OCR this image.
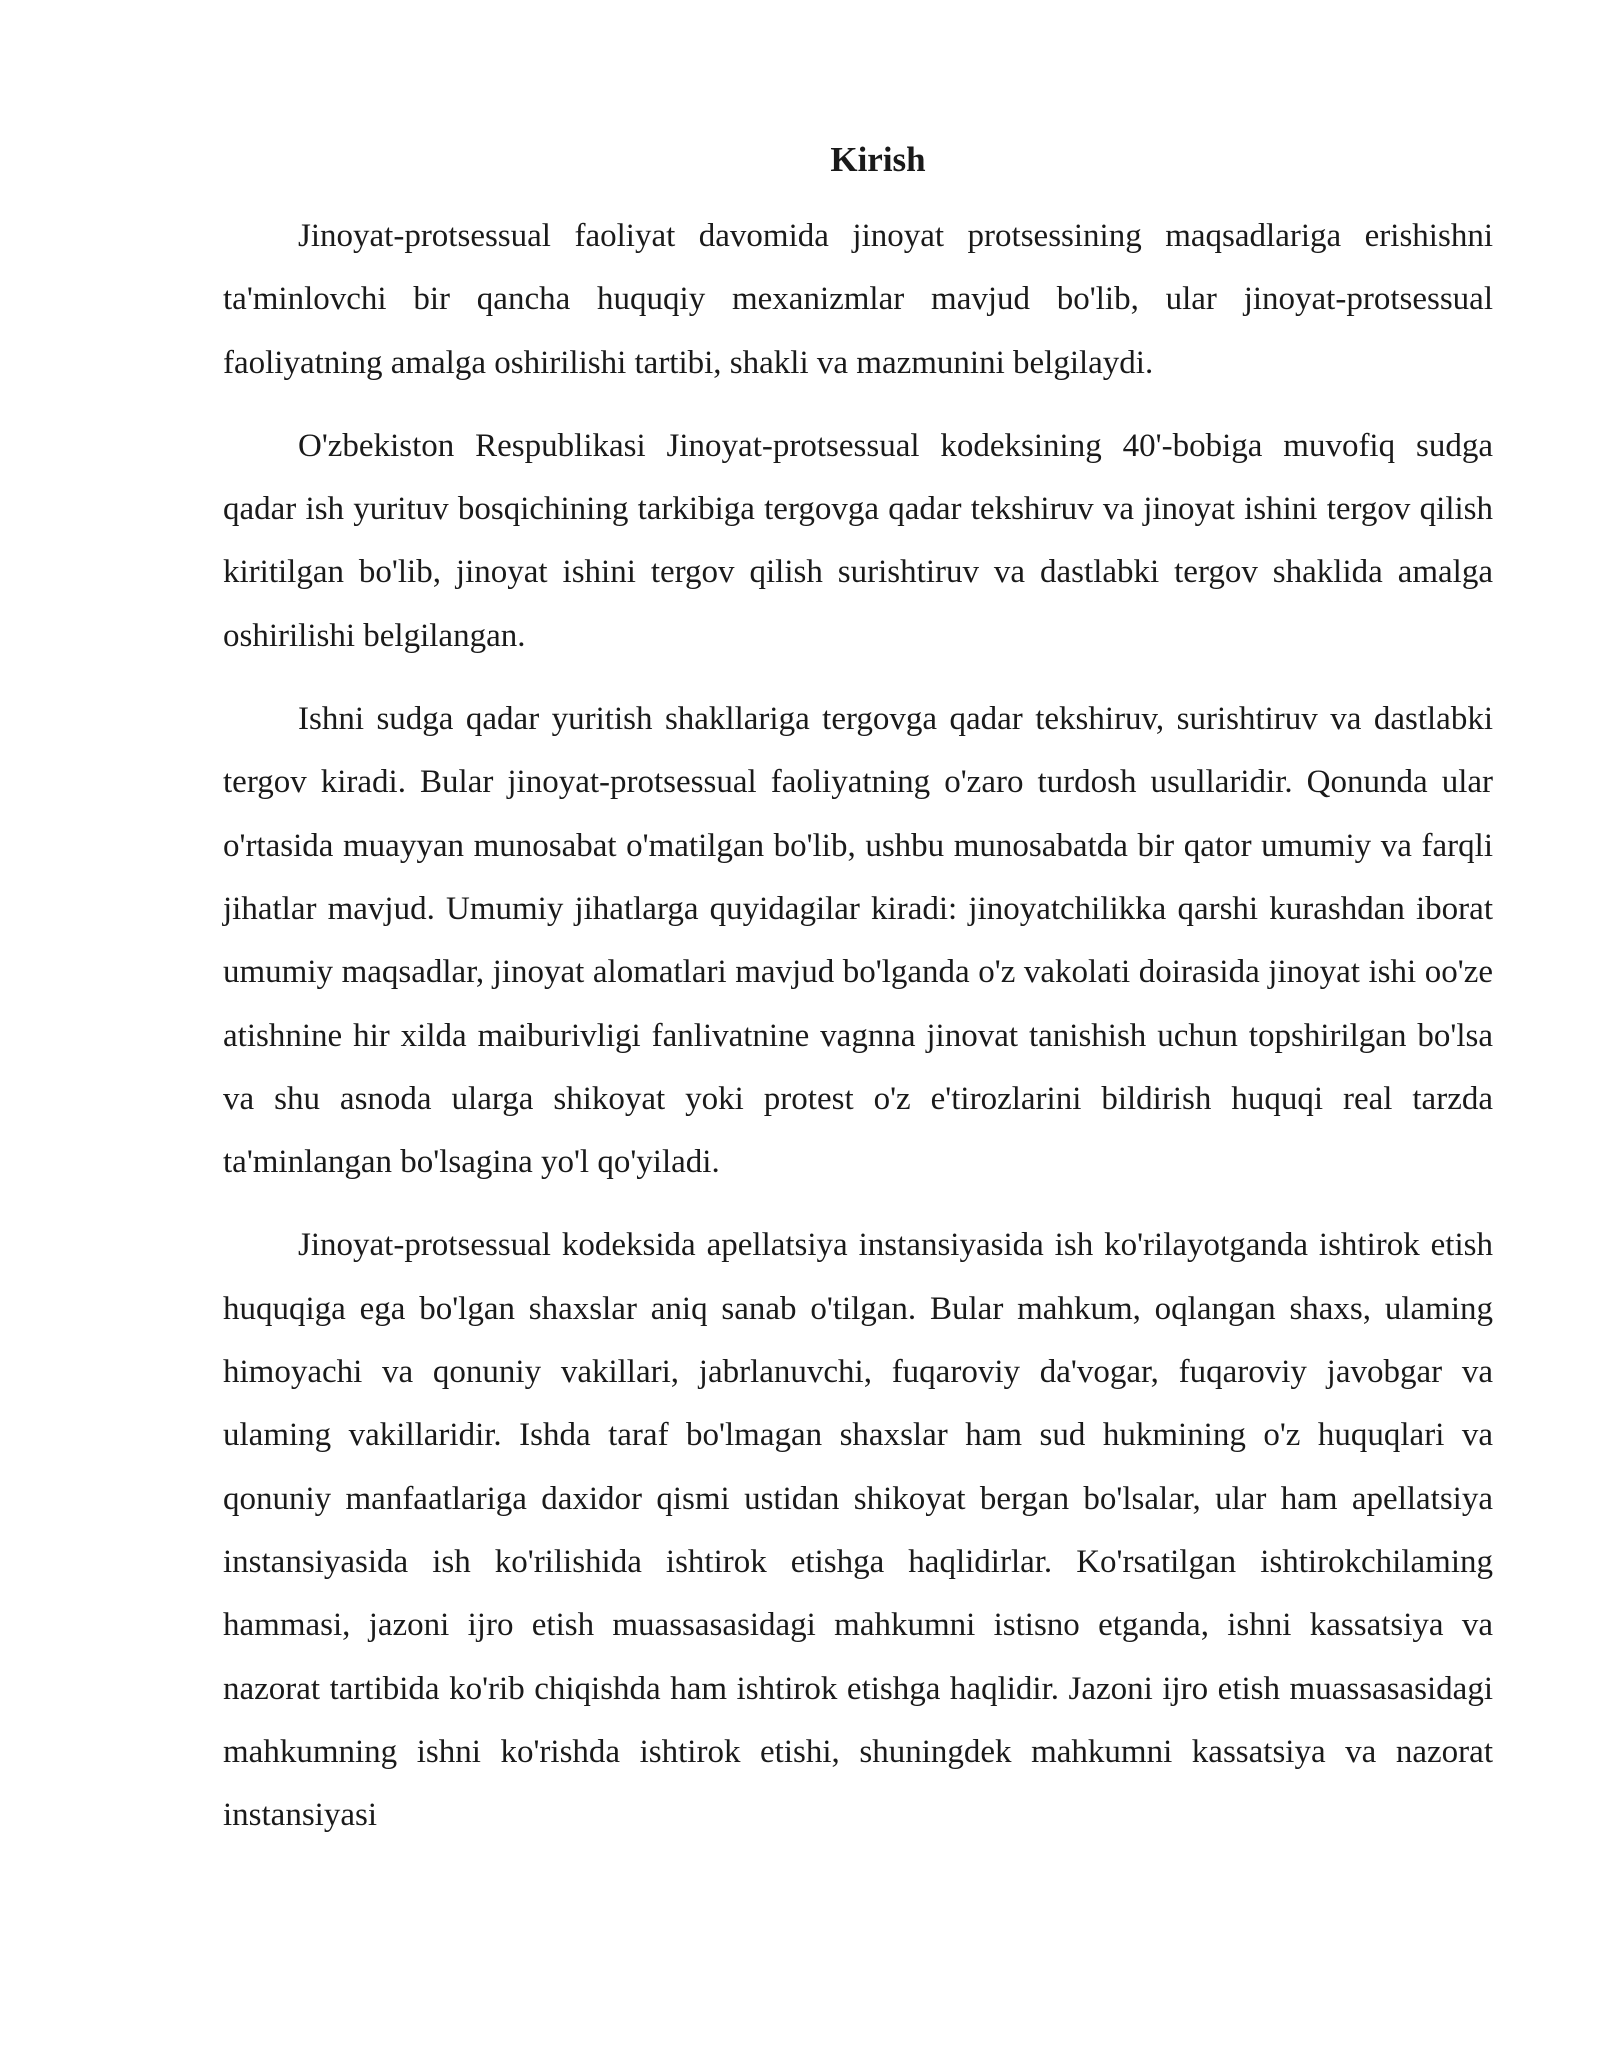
Kirish

Jinoyat-protsessual faoliyat davomida jinoyat protsessining maqsadlariga erishishni ta'minlovchi bir qancha huquqiy mexanizmlar mavjud bo'lib, ular jinoyat-protsessual faoliyatning amalga oshirilishi tartibi, shakli va mazmunini belgilaydi.

O'zbekiston Respublikasi Jinoyat-protsessual kodeksining 40'-bobiga muvofiq sudga qadar ish yurituv bosqichining tarkibiga tergovga qadar tekshiruv va jinoyat ishini tergov qilish kiritilgan bo'lib, jinoyat ishini tergov qilish surishtiruv va dastlabki tergov shaklida amalga oshirilishi belgilangan.

Ishni sudga qadar yuritish shakllariga tergovga qadar tekshiruv, surishtiruv va dastlabki tergov kiradi. Bular jinoyat-protsessual faoliyatning o'zaro turdosh usullaridir. Qonunda ular o'rtasida muayyan munosabat o'matilgan bo'lib, ushbu munosabatda bir qator umumiy va farqli jihatlar mavjud. Umumiy jihatlarga quyidagilar kiradi: jinoyatchilikka qarshi kurashdan iborat umumiy maqsadlar, jinoyat alomatlari mavjud bo'lganda o'z vakolati doirasida jinoyat ishi oo'ze atishnine hir xilda maiburivligi fanlivatnine vagnna jinovat tanishish uchun topshirilgan bo'lsa va shu asnoda ularga shikoyat yoki protest o'z e'tirozlarini bildirish huquqi real tarzda ta'minlangan bo'lsagina yo'l qo'yiladi.

Jinoyat-protsessual kodeksida apellatsiya instansiyasida ish ko'rilayotganda ishtirok etish huquqiga ega bo'lgan shaxslar aniq sanab o'tilgan. Bular mahkum, oqlangan shaxs, ulaming himoyachi va qonuniy vakillari, jabrlanuvchi, fuqaroviy da'vogar, fuqaroviy javobgar va ulaming vakillaridir. Ishda taraf bo'lmagan shaxslar ham sud hukmining o'z huquqlari va qonuniy manfaatlariga daxidor qismi ustidan shikoyat bergan bo'lsalar, ular ham apellatsiya instansiyasida ish ko'rilishida ishtirok etishga haqlidirlar. Ko'rsatilgan ishtirokchilaming hammasi, jazoni ijro etish muassasasidagi mahkumni istisno etganda, ishni kassatsiya va nazorat tartibida ko'rib chiqishda ham ishtirok etishga haqlidir. Jazoni ijro etish muassasasidagi mahkumning ishni ko'rishda ishtirok etishi, shuningdek mahkumni kassatsiya va nazorat instansiyasi
